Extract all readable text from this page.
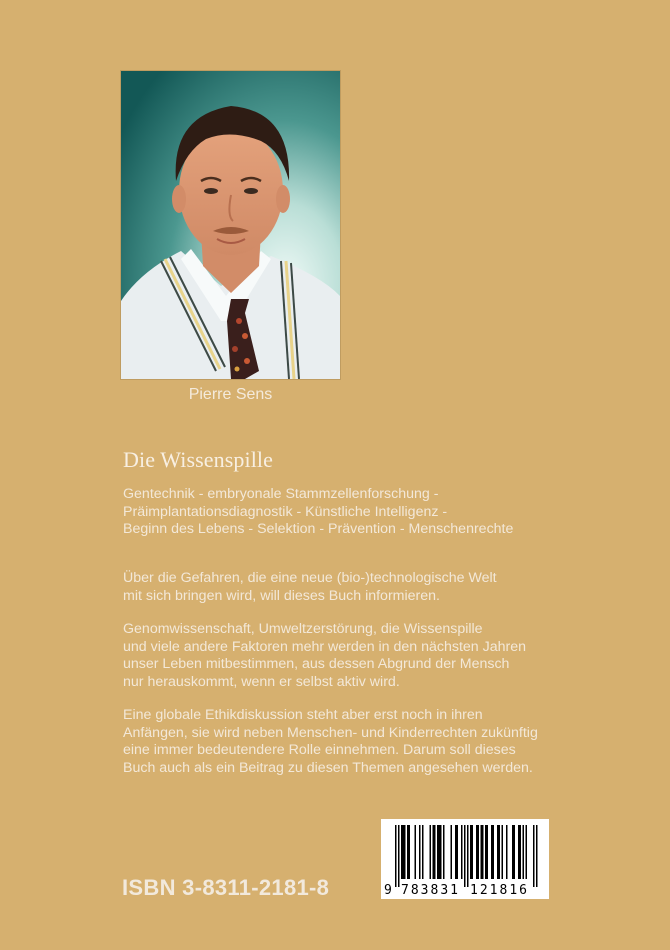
Pierre Sens
Die Wissenspille
Gentechnik - embryonale Stammzellenforschung -
Präimplantationsdiagnostik - Künstliche Intelligenz -
Beginn des Lebens - Selektion - Prävention - Menschenrechte
Über die Gefahren, die eine neue (bio-)technologische Welt
mit sich bringen wird, will dieses Buch informieren.
Genomwissenschaft, Umweltzerstörung, die Wissenspille
und viele andere Faktoren mehr werden in den nächsten Jahren
unser Leben mitbestimmen, aus dessen Abgrund der Mensch
nur herauskommt, wenn er selbst aktiv wird.
Eine globale Ethikdiskussion steht aber erst noch in ihren
Anfängen, sie wird neben Menschen- und Kinderrechten zukünftig
eine immer bedeutendere Rolle einnehmen. Darum soll dieses
Buch auch als ein Beitrag zu diesen Themen angesehen werden.
ISBN 3-8311-2181-8	9 783831 121816
